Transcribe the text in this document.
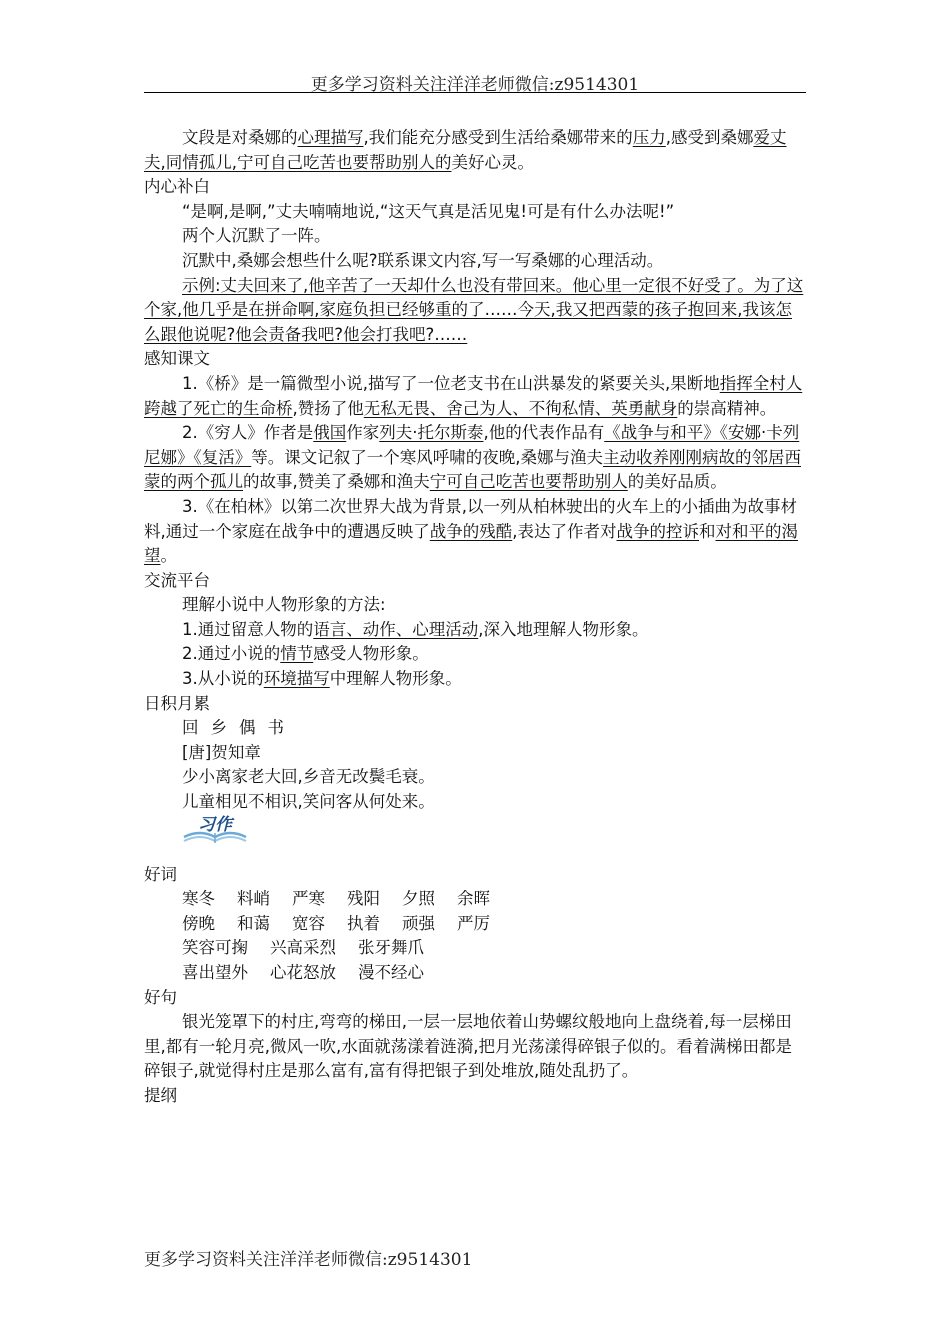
更多学习资料关注洋洋老师微信:z9514301

文段是对桑娜的心理描写,我们能充分感受到生活给桑娜带来的压力,感受到桑娜爱丈夫,同情孤儿,宁可自己吃苦也要帮助别人的美好心灵。

内心补白

“是啊,是啊,”丈夫喃喃地说,“这天气真是活见鬼!可是有什么办法呢!”

两个人沉默了一阵。

沉默中,桑娜会想些什么呢?联系课文内容,写一写桑娜的心理活动。

示例:丈夫回来了,他辛苦了一天却什么也没有带回来。他心里一定很不好受了。为了这个家,他几乎是在拼命啊,家庭负担已经够重的了……今天,我又把西蒙的孩子抱回来,我该怎么跟他说呢?他会责备我吧?他会打我吧?……

感知课文

1.《桥》是一篇微型小说,描写了一位老支书在山洪暴发的紧要关头,果断地指挥全村人跨越了死亡的生命桥,赞扬了他无私无畏、舍己为人、不徇私情、英勇献身的崇高精神。

2.《穷人》作者是俄国作家列夫·托尔斯泰,他的代表作品有《战争与和平》《安娜·卡列尼娜》《复活》等。课文记叙了一个寒风呼啸的夜晚,桑娜与渔夫主动收养刚刚病故的邻居西蒙的两个孤儿的故事,赞美了桑娜和渔夫宁可自己吃苦也要帮助别人的美好品质。

3.《在柏林》以第二次世界大战为背景,以一列从柏林驶出的火车上的小插曲为故事材料,通过一个家庭在战争中的遭遇反映了战争的残酷,表达了作者对战争的控诉和对和平的渴望。

交流平台

理解小说中人物形象的方法:

1.通过留意人物的语言、动作、心理活动,深入地理解人物形象。

2.通过小说的情节感受人物形象。

3.从小说的环境描写中理解人物形象。

日积月累

回乡偶书

[唐]贺知章

少小离家老大回,乡音无改鬓毛衰。

儿童相见不相识,笑问客从何处来。

习作

好词

寒冬 料峭 严寒 残阳 夕照 余晖

傍晚 和蔼 宽容 执着 顽强 严厉

笑容可掬 兴高采烈 张牙舞爪

喜出望外 心花怒放 漫不经心

好句

银光笼罩下的村庄,弯弯的梯田,一层一层地依着山势螺纹般地向上盘绕着,每一层梯田里,都有一轮月亮,微风一吹,水面就荡漾着涟漪,把月光荡漾得碎银子似的。看着满梯田都是碎银子,就觉得村庄是那么富有,富有得把银子到处堆放,随处乱扔了。

提纲

更多学习资料关注洋洋老师微信:z9514301
